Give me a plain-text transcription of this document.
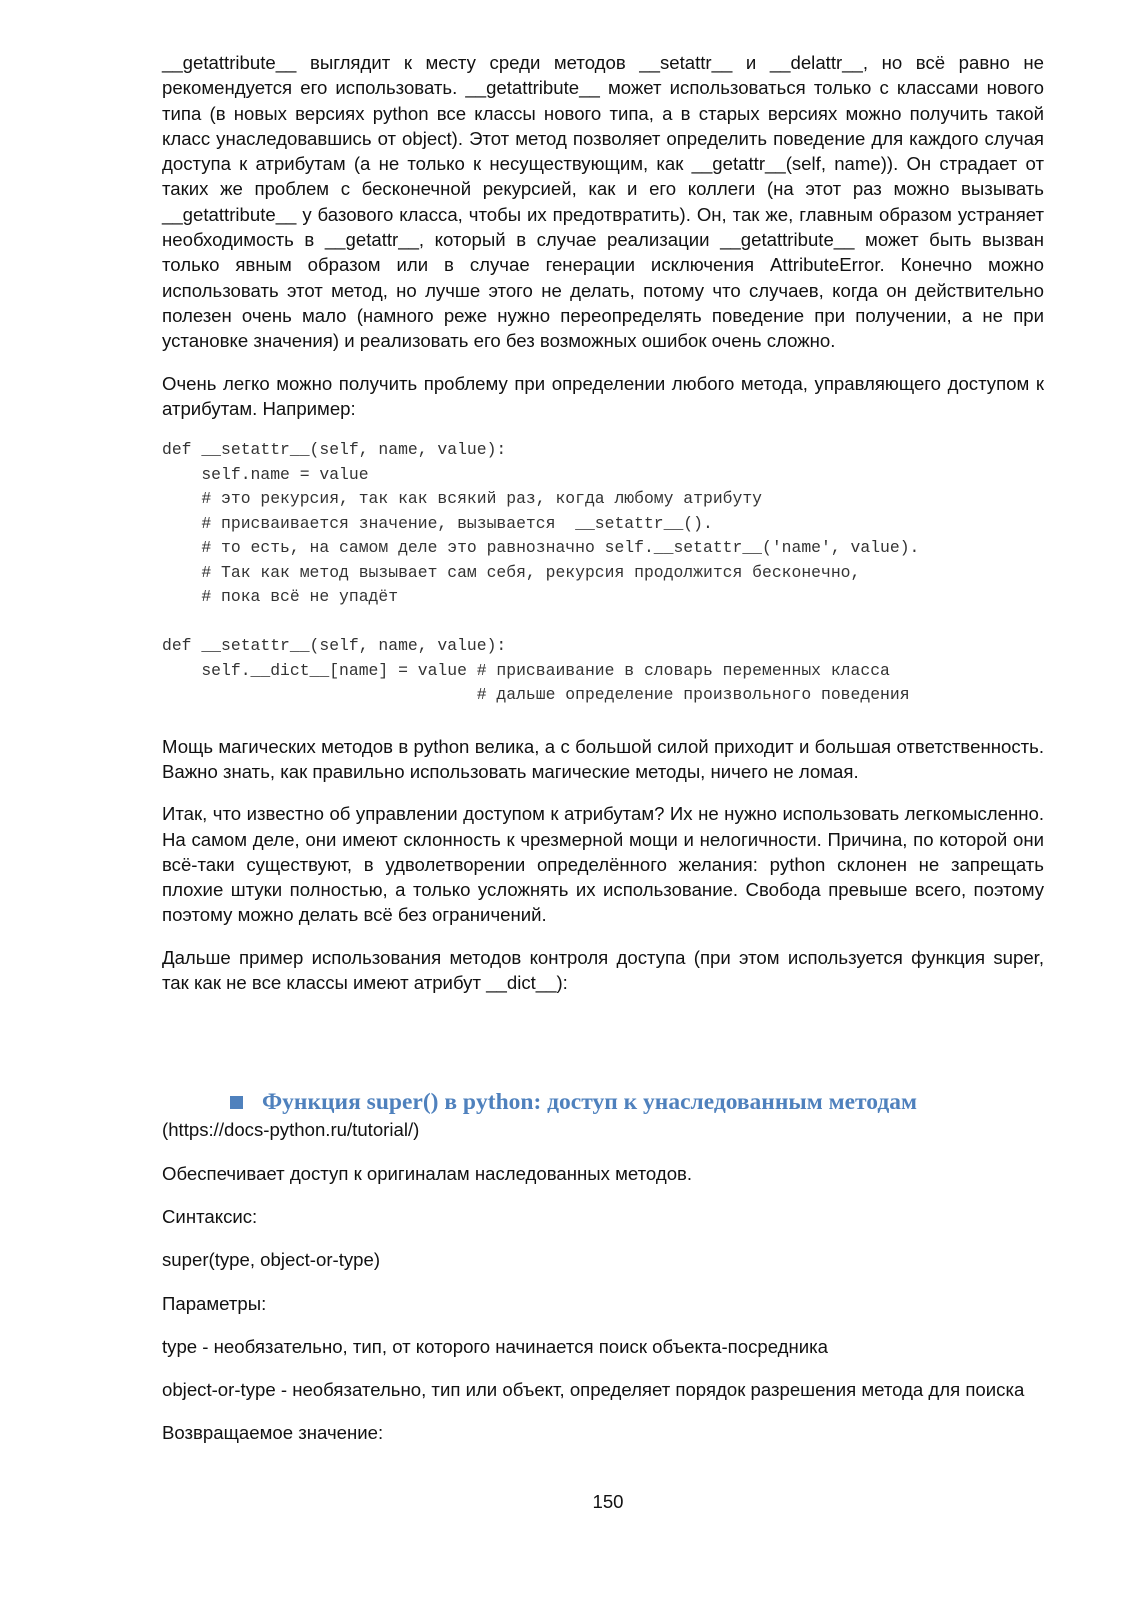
__getattribute__ выглядит к месту среди методов __setattr__ и __delattr__, но всё равно не рекомендуется его использовать. __getattribute__ может использоваться только с классами нового типа (в новых версиях python все классы нового типа, а в старых версиях можно получить такой класс унаследовавшись от object). Этот метод позволяет определить поведение для каждого случая доступа к атрибутам (а не только к несуществующим, как __getattr__(self, name)). Он страдает от таких же проблем с бесконечной рекурсией, как и его коллеги (на этот раз можно вызывать __getattribute__ у базового класса, чтобы их предотвратить). Он, так же, главным образом устраняет необходимость в __getattr__, который в случае реализации __getattribute__ может быть вызван только явным образом или в случае генерации исключения AttributeError. Конечно можно использовать этот метод, но лучше этого не делать, потому что случаев, когда он действительно полезен очень мало (намного реже нужно переопределять поведение при получении, а не при установке значения) и реализовать его без возможных ошибок очень сложно.

Очень легко можно получить проблему при определении любого метода, управляющего доступом к атрибутам. Например:

def __setattr__(self, name, value):
self.name = value
# это рекурсия, так как всякий раз, когда любому атрибуту
# присваивается значение, вызывается  __setattr__().
# то есть, на самом деле это равнозначно self.__setattr__('name', value).
# Так как метод вызывает сам себя, рекурсия продолжится бесконечно,
# пока всё не упадёт

def __setattr__(self, name, value):
self.__dict__[name] = value # присваивание в словарь переменных класса
# дальше определение произвольного поведения

Мощь магических методов в python велика, а с большой силой приходит и большая ответственность. Важно знать, как правильно использовать магические методы, ничего не ломая.

Итак, что известно об управлении доступом к атрибутам? Их не нужно использовать легкомысленно. На самом деле, они имеют склонность к чрезмерной мощи и нелогичности. Причина, по которой они всё-таки существуют, в удволетворении определённого желания: python склонен не запрещать плохие штуки полностью, а только усложнять их использование. Свобода превыше всего, поэтому поэтому можно делать всё без ограничений.

Дальше пример использования методов контроля доступа (при этом используется функция super, так как не все классы имеют атрибут __dict__):

Функция super() в python: доступ к унаследованным методам

(https://docs-python.ru/tutorial/)

Обеспечивает доступ к оригиналам наследованных методов.

Синтаксис:

super(type, object-or-type)

Параметры:

type - необязательно, тип, от которого начинается поиск объекта-посредника

object-or-type - необязательно, тип или объект, определяет порядок разрешения метода для поиска

Возвращаемое значение:

150
